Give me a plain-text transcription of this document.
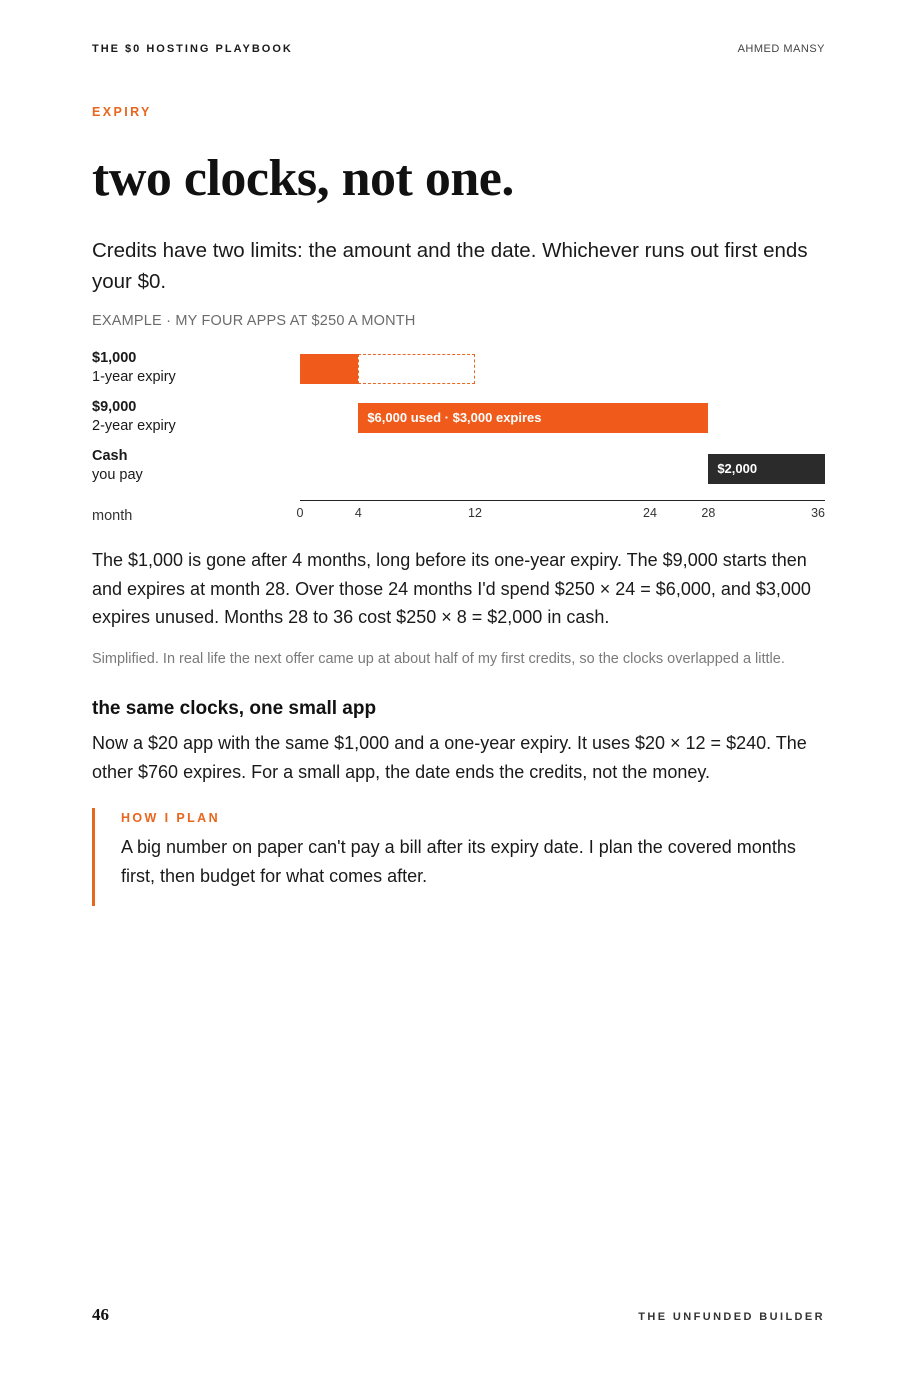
THE $0 HOSTING PLAYBOOK	AHMED MANSY
EXPIRY
two clocks, not one.

Credits have two limits: the amount and the date. Whichever runs out first ends your $0.

EXAMPLE · MY FOUR APPS AT $250 A MONTH
$1,000
1-year expiry
$9,000
2-year expiry
$6,000 used · $3,000 expires
Cash
you pay	$2,000
0	4	12	24	28	36
month

The $1,000 is gone after 4 months, long before its one-year expiry. The $9,000 starts then and expires at month 28. Over those 24 months I'd spend $250 × 24 = $6,000, and $3,000 expires unused. Months 28 to 36 cost $250 × 8 = $2,000 in cash.

Simplified. In real life the next offer came up at about half of my first credits, so the clocks overlapped a little.

the same clocks, one small app

Now a $20 app with the same $1,000 and a one-year expiry. It uses $20 × 12 = $240. The other $760 expires. For a small app, the date ends the credits, not the money.

HOW I PLAN

A big number on paper can't pay a bill after its expiry date. I plan the covered months first, then budget for what comes after.

46	THE UNFUNDED BUILDER
